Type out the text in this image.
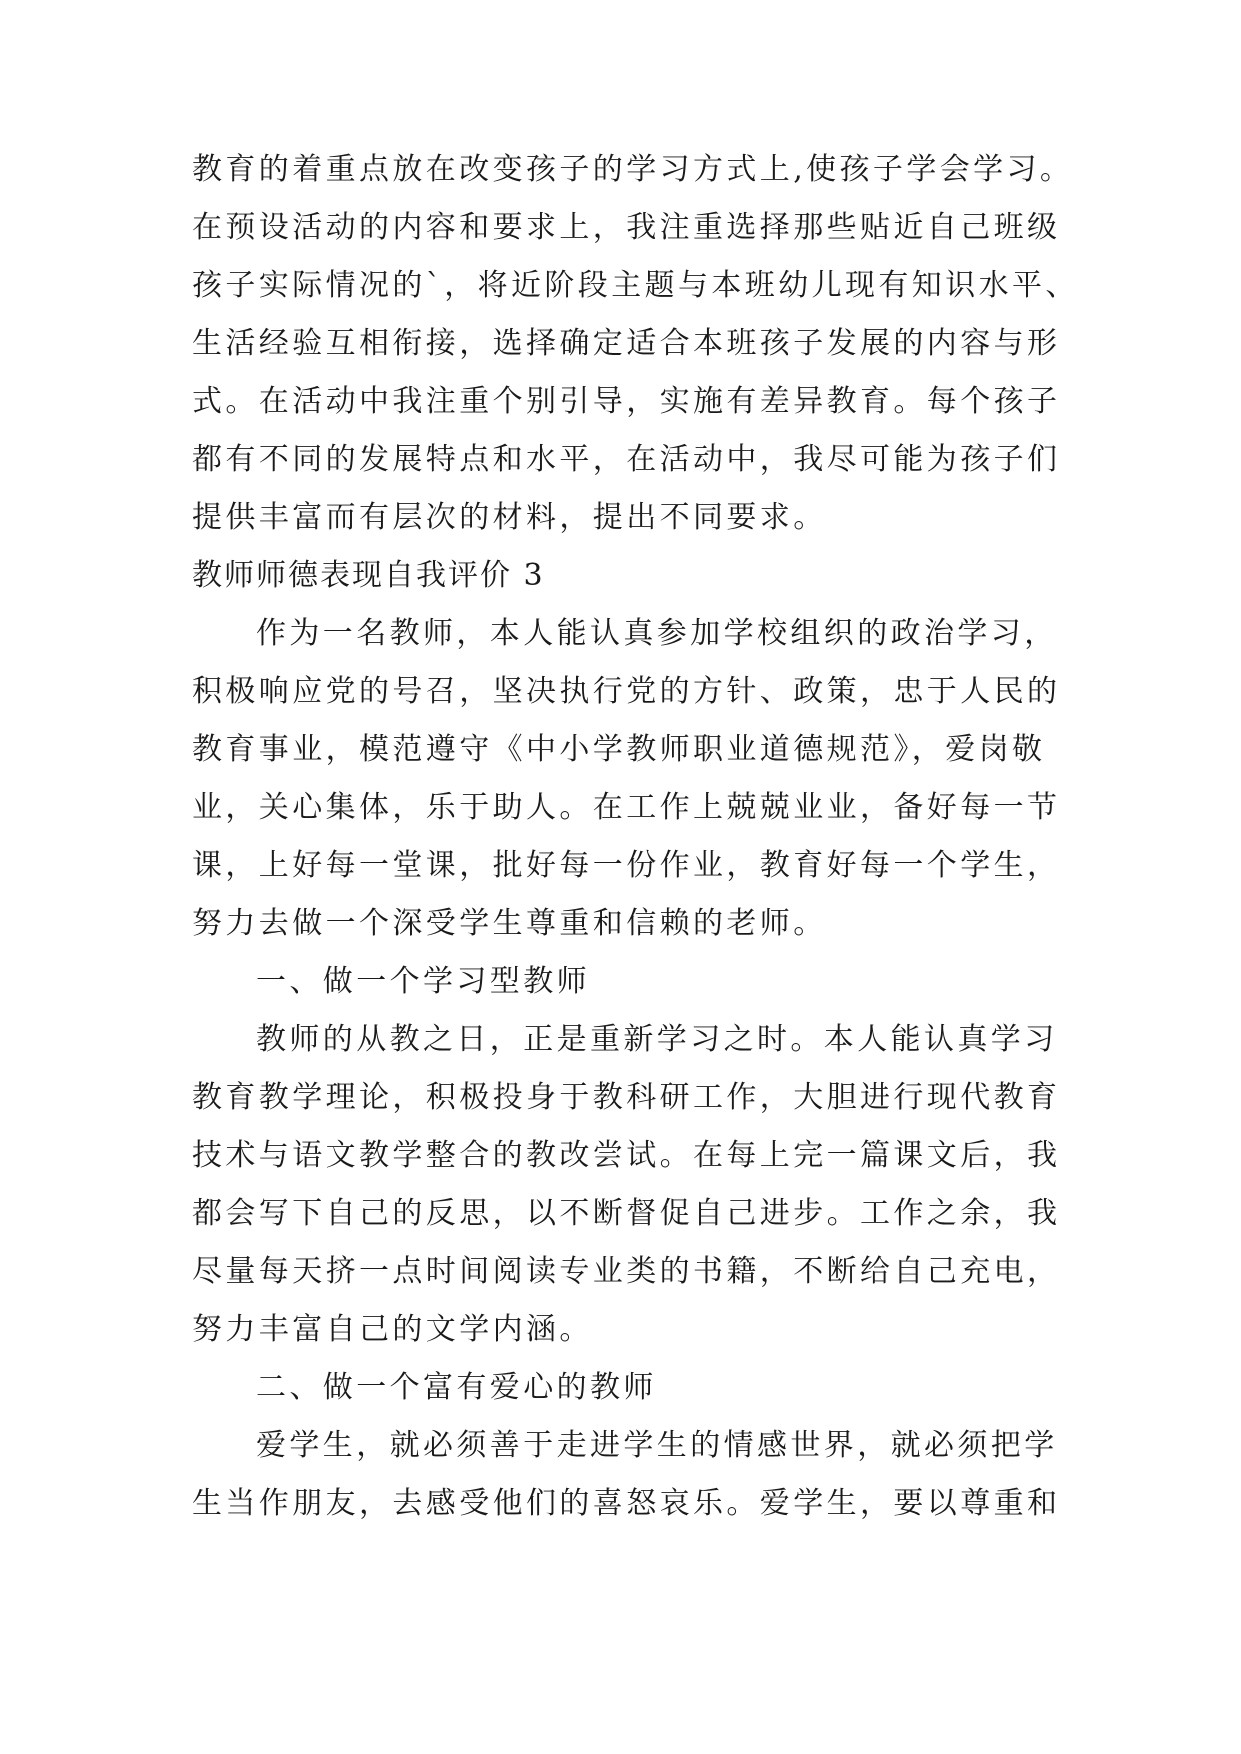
教育的着重点放在改变孩子的学习方式上,使孩子学会学习。
在预设活动的内容和要求上，我注重选择那些贴近自己班级
孩子实际情况的`，将近阶段主题与本班幼儿现有知识水平、
生活经验互相衔接，选择确定适合本班孩子发展的内容与形
式。在活动中我注重个别引导，实施有差异教育。每个孩子
都有不同的发展特点和水平，在活动中，我尽可能为孩子们
提供丰富而有层次的材料，提出不同要求。
教师师德表现自我评价 3
作为一名教师，本人能认真参加学校组织的政治学习，
积极响应党的号召，坚决执行党的方针、政策，忠于人民的
教育事业，模范遵守《中小学教师职业道德规范》，爱岗敬
业，关心集体，乐于助人。在工作上兢兢业业，备好每一节
课，上好每一堂课，批好每一份作业，教育好每一个学生，
努力去做一个深受学生尊重和信赖的老师。
一、做一个学习型教师
教师的从教之日，正是重新学习之时。本人能认真学习
教育教学理论，积极投身于教科研工作，大胆进行现代教育
技术与语文教学整合的教改尝试。在每上完一篇课文后，我
都会写下自己的反思，以不断督促自己进步。工作之余，我
尽量每天挤一点时间阅读专业类的书籍，不断给自己充电，
努力丰富自己的文学内涵。
二、做一个富有爱心的教师
爱学生，就必须善于走进学生的情感世界，就必须把学
生当作朋友，去感受他们的喜怒哀乐。爱学生，要以尊重和
